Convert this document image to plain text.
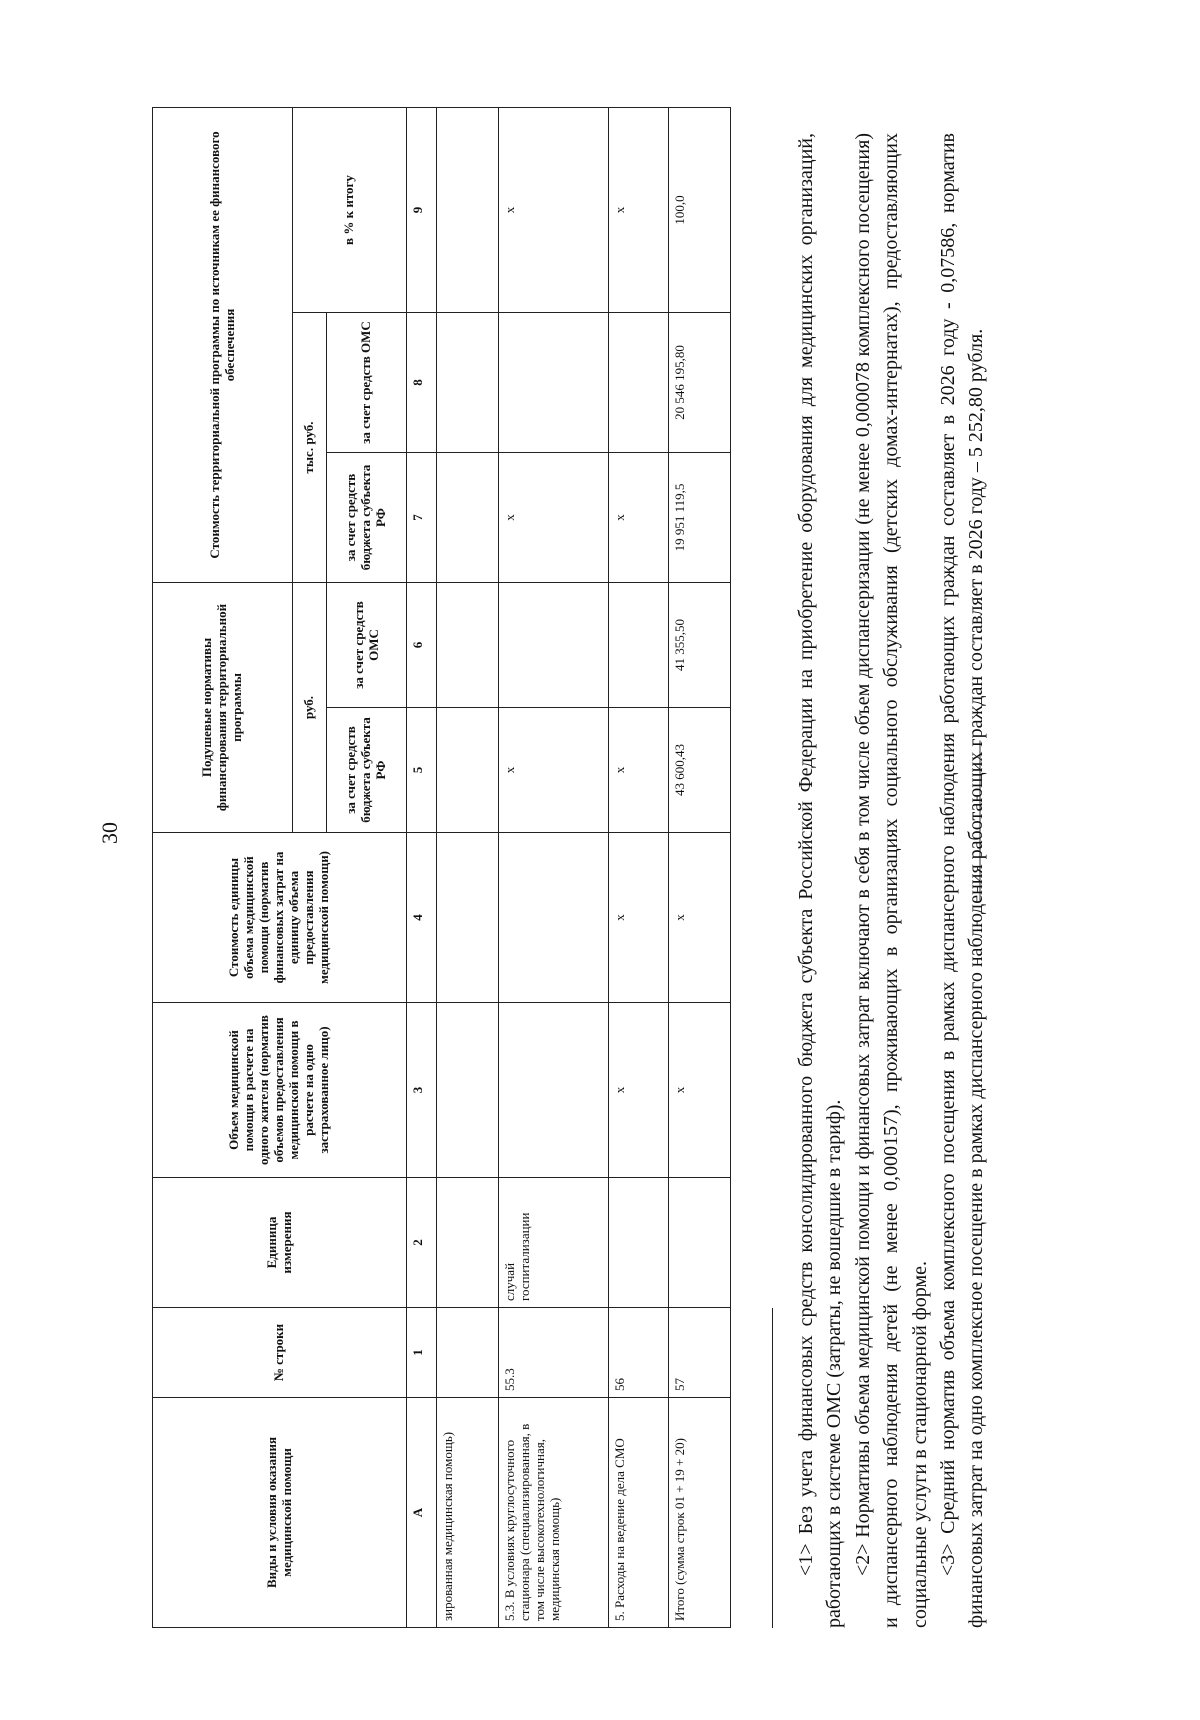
30
Виды и условия оказания медицинской помощи	№ строки	Единица измерения	Объем медицинской помощи в расчете на одного жителя (норматив объемов предоставления медицинской помощи в расчете на одно застрахованное лицо)	Стоимость единицы объема медицинской помощи (норматив финансовых затрат на единицу объема предоставления медицинской помощи)	Подушевые нормативы финансирования территориальной программы		Стоимость территориальной программы по источникам ее финансового обеспечения		
					руб.		тыс. руб.		в % к итогу
					за счет средств бюджета субъекта РФ	за счет средств ОМС	за счет средств бюджета субъекта РФ	за счет средств ОМС	
А	1	2	3	4	5	6	7	8	9
зированная медицинская помощь)									
5.3. В условиях круглосуточного стационара (специализированная, в том числе высокотехнологичная, медицинская помощь)	55.3	случай госпитализации			х		х		х
5. Расходы на ведение дела СМО	56		х	х	х		х		х
Итого (сумма строк 01 + 19 + 20)	57		х	х	43 600,43	41 355,50	19 951 119,5	20 546 195,80	100,0	<1> Без учета финансовых средств консолидированного бюджета субъекта Российской Федерации на приобретение оборудования для медицинских организаций, работающих в системе ОМС (затраты, не вошедшие в тариф). <2> Нормативы объема медицинской помощи и финансовых затрат включают в себя в том числе объем диспансеризации (не менее 0,000078 комплексного посещения) и диспансерного наблюдения детей (не менее 0,000157), проживающих в организациях социального обслуживания (детских домах-интернатах), предоставляющих социальные услуги в стационарной форме. <3> Средний норматив объема комплексного посещения в рамках диспансерного наблюдения работающих граждан составляет в 2026 году - 0,07586, норматив финансовых затрат на одно комплексное посещение в рамках диспансерного наблюдения работающих граждан составляет в 2026 году – 5 252,80 рубля.
